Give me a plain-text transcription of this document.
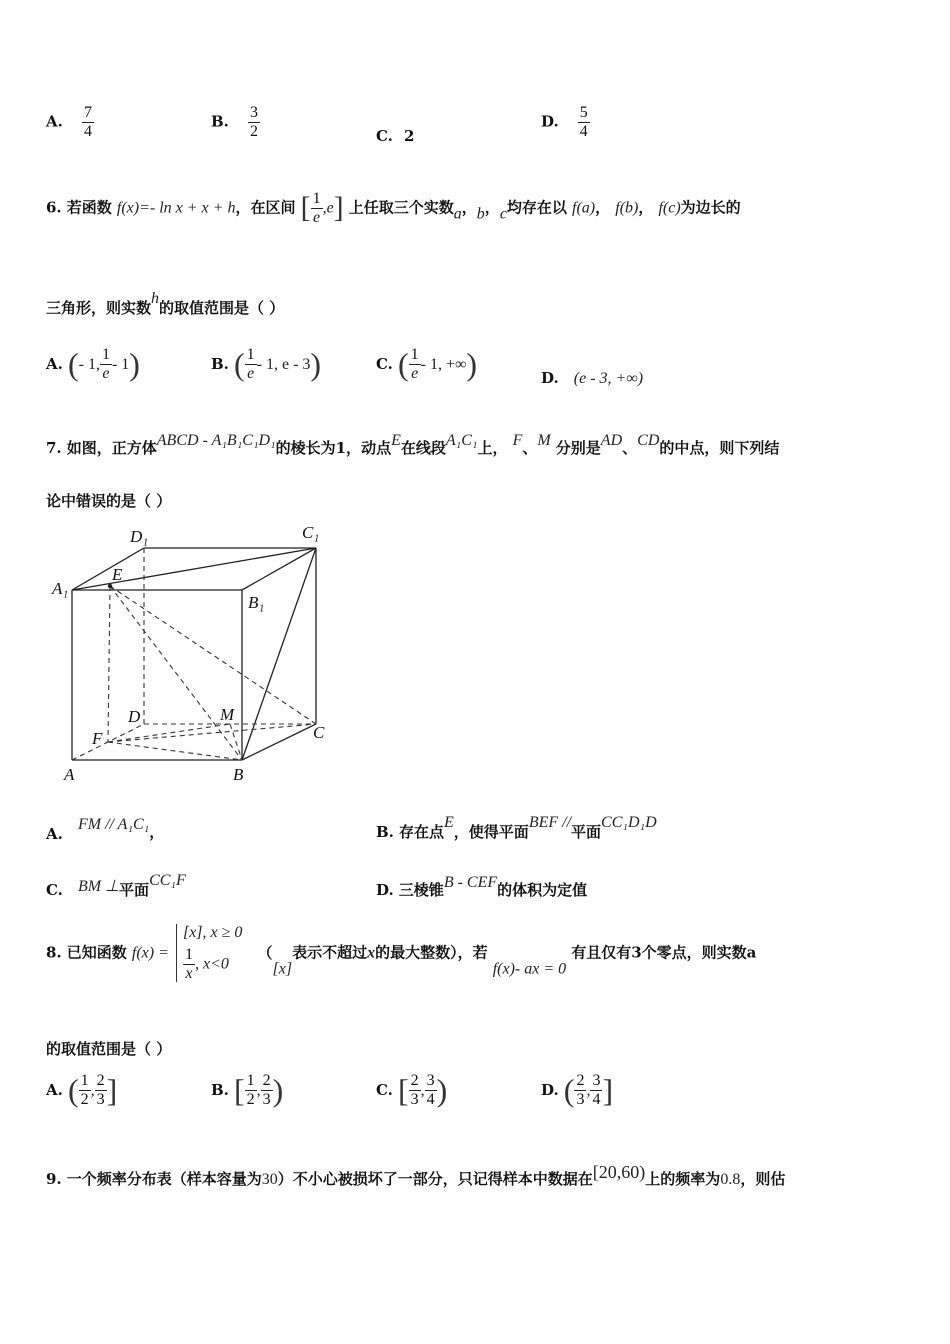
A. $\frac{7}{4}$	B. $\frac{3}{2}$	C. 2
D. $\frac{5}{4}$
6. 若函数 f(x)=- ln x + x + h，在区间 [ $\frac{1}{e} ,e$] 上任取三个实数a，b，c均存在以 f(a)， f(b)， f(c)为边长的
三角形，则实数h的取值范围是（ ）
A. (- 1, $\frac{1}{e} - 1$)	B. ( $\frac{1}{e} - 1$, e - 3)	C. ( $\frac{1}{e} - 1$, +∞)	D. (e - 3, +∞)
7. 如图，正方体ABCD - A₁B₁C₁D₁的棱长为1，动点E在线段A₁C₁上， F、M 分别是AD、CD的中点，则下列结
论中错误的是（ ）
D₁	C₁
A₁
E
B₁
D	M
C
F
A	B
A. FM // A₁C₁，	B. 存在点E，使得平面BEF //平面CC₁D₁D
C. BM ⊥平面CC₁F
D. 三棱锥B - CEF的体积为定值
8. 已知函数 f(x) =
[x], x ≥ 0
$\frac{1}{x}$ , x<0
（[x]表示不超过x的最大整数），若 f(x)- ax = 0 有且仅有3个零点，则实数a
的取值范围是（ ）
A. ( $\frac{1}{2}$ , $\frac{2}{3}$ ]	B. [ $\frac{1}{2}$ , $\frac{2}{3}$ )	C. [ $\frac{2}{3}$ , $\frac{3}{4}$ )	D. ( $\frac{2}{3}$ , $\frac{3}{4}$ ]
9. 一个频率分布表（样本容量为30）不小心被损坏了一部分，只记得样本中数据在[20,60)上的频率为0.8，则估
